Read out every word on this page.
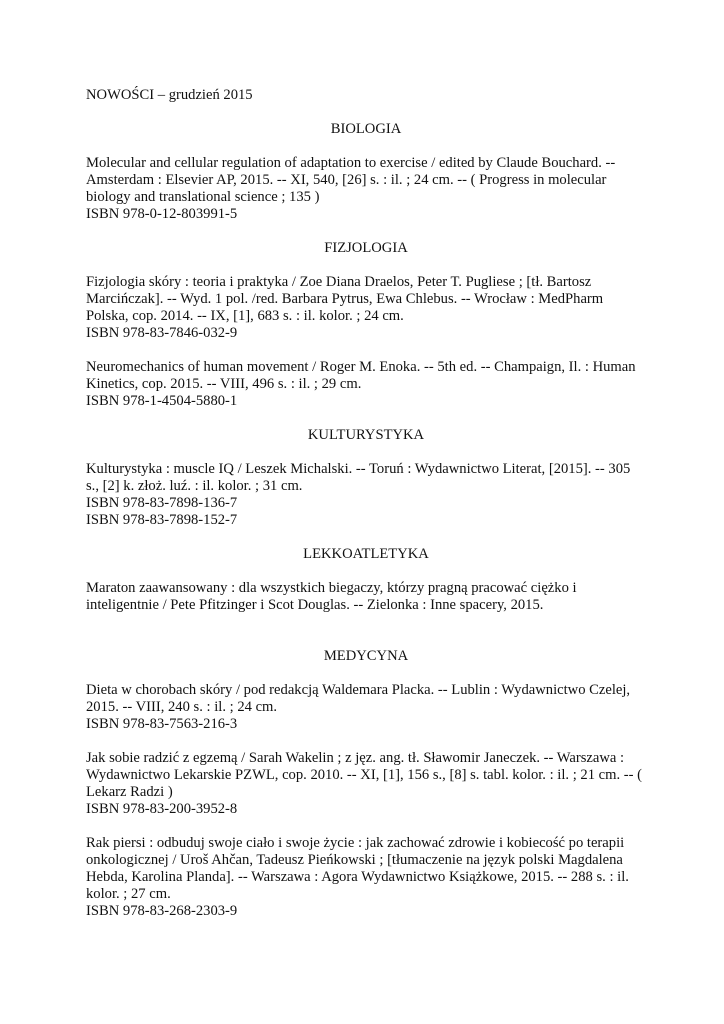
NOWOŚCI – grudzień 2015
BIOLOGIA
Molecular and cellular regulation of adaptation to exercise / edited by Claude Bouchard. -- Amsterdam : Elsevier AP, 2015. -- XI, 540, [26] s. : il. ; 24 cm. -- ( Progress in molecular biology and translational science ; 135 )
ISBN 978-0-12-803991-5
FIZJOLOGIA
Fizjologia skóry : teoria i praktyka / Zoe Diana Draelos, Peter T. Pugliese ; [tł. Bartosz Marcińczak]. -- Wyd. 1 pol. /red. Barbara Pytrus, Ewa Chlebus. -- Wrocław : MedPharm Polska, cop. 2014. -- IX, [1], 683 s. : il. kolor. ; 24 cm.
ISBN 978-83-7846-032-9
Neuromechanics of human movement / Roger M. Enoka. -- 5th ed. -- Champaign, Il. : Human Kinetics, cop. 2015. -- VIII, 496 s. : il. ; 29 cm.
ISBN 978-1-4504-5880-1
KULTURYSTYKA
Kulturystyka : muscle IQ / Leszek Michalski. -- Toruń : Wydawnictwo Literat, [2015]. -- 305 s., [2] k. złoż. luź. : il. kolor. ; 31 cm.
ISBN 978-83-7898-136-7
ISBN 978-83-7898-152-7
LEKKOATLETYKA
Maraton zaawansowany : dla wszystkich biegaczy, którzy pragną pracować ciężko i inteligentnie / Pete Pfitzinger i Scot Douglas. -- Zielonka : Inne spacery, 2015.
MEDYCYNA
Dieta w chorobach skóry / pod redakcją Waldemara Placka. -- Lublin : Wydawnictwo Czelej, 2015. -- VIII, 240 s. : il. ; 24 cm.
ISBN 978-83-7563-216-3
Jak sobie radzić z egzemą / Sarah Wakelin ; z jęz. ang. tł. Sławomir Janeczek. -- Warszawa : Wydawnictwo Lekarskie PZWL, cop. 2010. -- XI, [1], 156 s., [8] s. tabl. kolor. : il. ; 21 cm. -- ( Lekarz Radzi )
ISBN 978-83-200-3952-8
Rak piersi : odbuduj swoje ciało i swoje życie : jak zachować zdrowie i kobiecość po terapii onkologicznej / Uroš Ahčan, Tadeusz Pieńkowski ; [tłumaczenie na język polski Magdalena Hebda, Karolina Planda]. -- Warszawa : Agora Wydawnictwo Książkowe, 2015. -- 288 s. : il. kolor. ; 27 cm.
ISBN 978-83-268-2303-9
